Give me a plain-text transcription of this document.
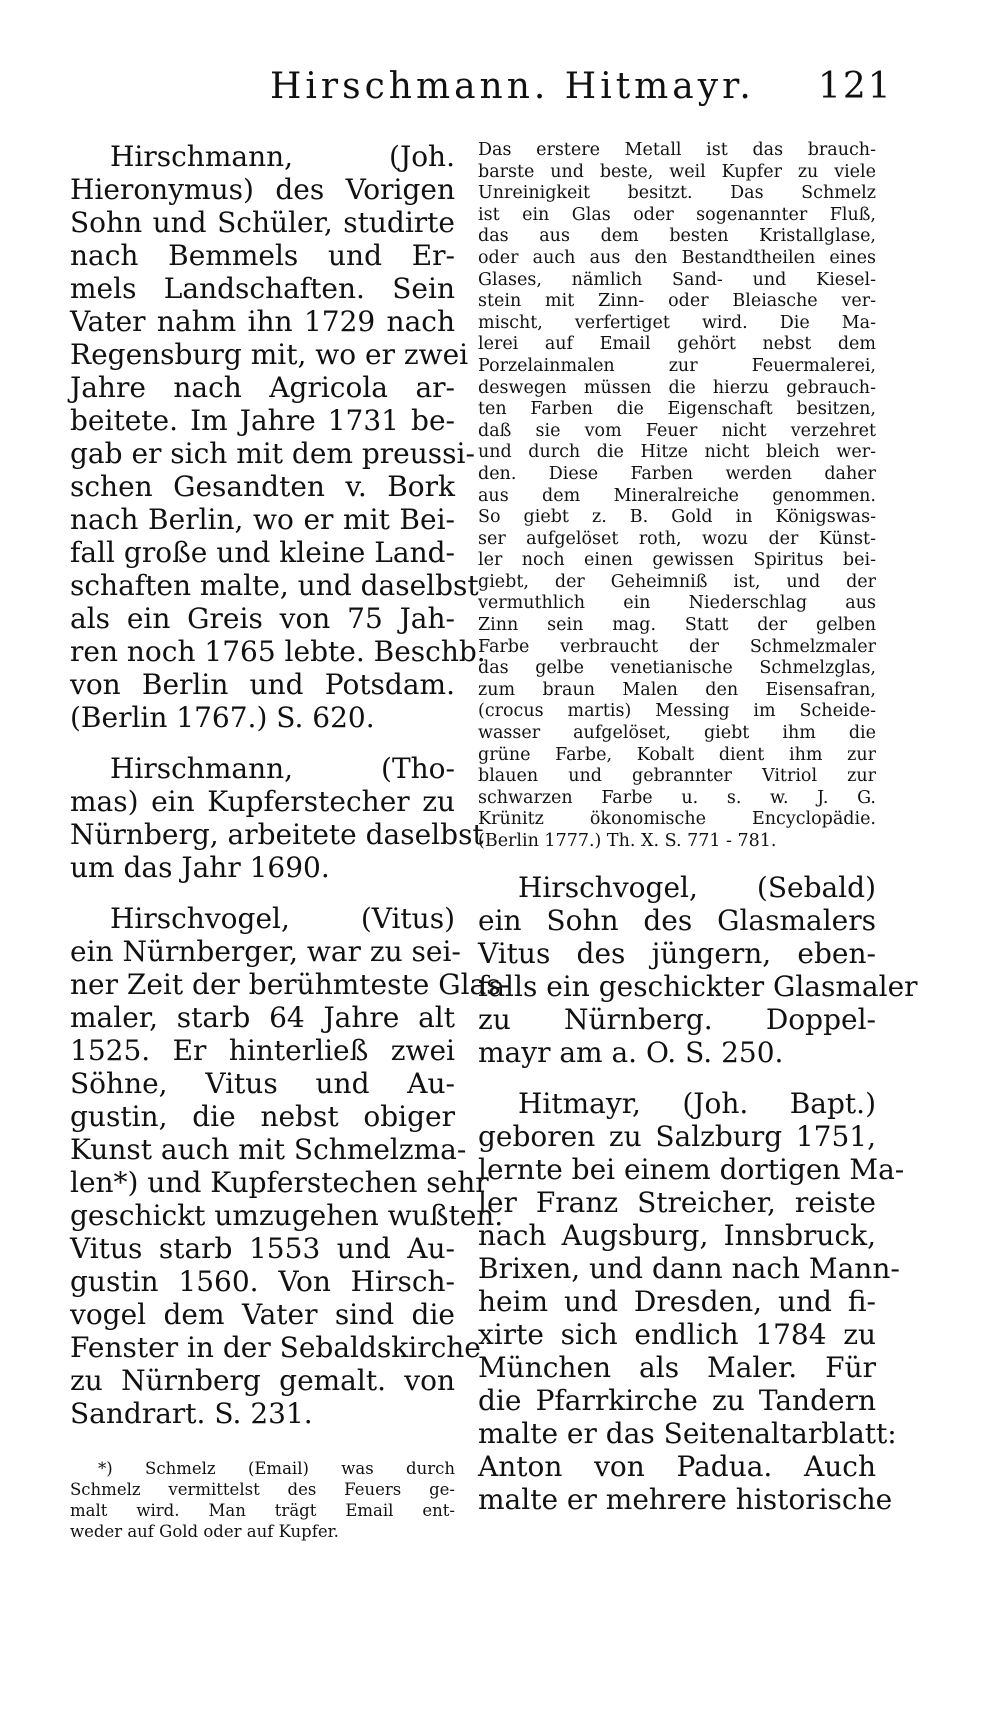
Hirschmann. Hitmayr. 121
Hirschmann, (Joh.
Hieronymus) des Vorigen
Sohn und Schüler, studirte
nach Bemmels und Er-
mels Landschaften. Sein
Vater nahm ihn 1729 nach
Regensburg mit, wo er zwei
Jahre nach Agricola ar-
beitete. Im Jahre 1731 be-
gab er sich mit dem preussi-
schen Gesandten v. Bork
nach Berlin, wo er mit Bei-
fall große und kleine Land-
schaften malte, und daselbst
als ein Greis von 75 Jah-
ren noch 1765 lebte. Beschb.
von Berlin und Potsdam.
(Berlin 1767.) S. 620.
Hirschmann, (Tho-
mas) ein Kupferstecher zu
Nürnberg, arbeitete daselbst
um das Jahr 1690.
Hirschvogel, (Vitus)
ein Nürnberger, war zu sei-
ner Zeit der berühmteste Glas-
maler, starb 64 Jahre alt
1525. Er hinterließ zwei
Söhne, Vitus und Au-
gustin, die nebst obiger
Kunst auch mit Schmelzma-
len*) und Kupferstechen sehr
geschickt umzugehen wußten.
Vitus starb 1553 und Au-
gustin 1560. Von Hirsch-
vogel dem Vater sind die
Fenster in der Sebaldskirche
zu Nürnberg gemalt. von
Sandrart. S. 231.
*) Schmelz (Email) was durch
Schmelz vermittelst des Feuers ge-
malt wird. Man trägt Email ent-
weder auf Gold oder auf Kupfer.
Das erstere Metall ist das brauch-
barste und beste, weil Kupfer zu viele
Unreinigkeit besitzt. Das Schmelz
ist ein Glas oder sogenannter Fluß,
das aus dem besten Kristallglase,
oder auch aus den Bestandtheilen eines
Glases, nämlich Sand- und Kiesel-
stein mit Zinn- oder Bleiasche ver-
mischt, verfertiget wird. Die Ma-
lerei auf Email gehört nebst dem
Porzelainmalen zur Feuermalerei,
deswegen müssen die hierzu gebrauch-
ten Farben die Eigenschaft besitzen,
daß sie vom Feuer nicht verzehret
und durch die Hitze nicht bleich wer-
den. Diese Farben werden daher
aus dem Mineralreiche genommen.
So giebt z. B. Gold in Königswas-
ser aufgelöset roth, wozu der Künst-
ler noch einen gewissen Spiritus bei-
giebt, der Geheimniß ist, und der
vermuthlich ein Niederschlag aus
Zinn sein mag. Statt der gelben
Farbe verbraucht der Schmelzmaler
das gelbe venetianische Schmelzglas,
zum braun Malen den Eisensafran,
(crocus martis) Messing im Scheide-
wasser aufgelöset, giebt ihm die
grüne Farbe, Kobalt dient ihm zur
blauen und gebrannter Vitriol zur
schwarzen Farbe u. s. w. J. G.
Krünitz ökonomische Encyclopädie.
(Berlin 1777.) Th. X. S. 771 - 781.
Hirschvogel, (Sebald)
ein Sohn des Glasmalers
Vitus des jüngern, eben-
falls ein geschickter Glasmaler
zu Nürnberg. Doppel-
mayr am a. O. S. 250.
Hitmayr, (Joh. Bapt.)
geboren zu Salzburg 1751,
lernte bei einem dortigen Ma-
ler Franz Streicher, reiste
nach Augsburg, Innsbruck,
Brixen, und dann nach Mann-
heim und Dresden, und fi-
xirte sich endlich 1784 zu
München als Maler. Für
die Pfarrkirche zu Tandern
malte er das Seitenaltarblatt:
Anton von Padua. Auch
malte er mehrere historische
